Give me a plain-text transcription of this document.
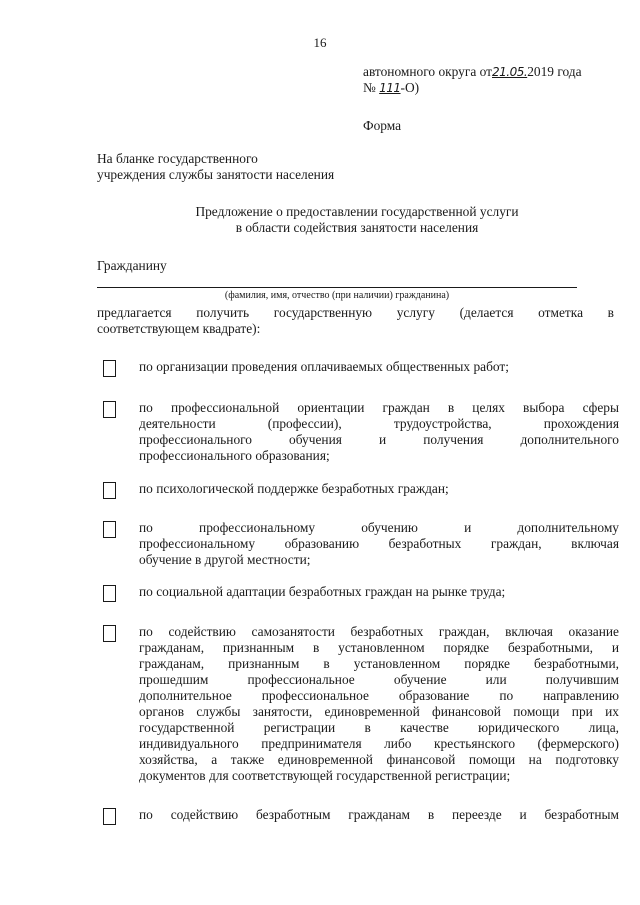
16
автономного округа от21.05.2019 года
№ 111-О)
Форма
На бланке государственного
учреждения службы занятости населения
Предложение о предоставлении государственной услуги
в области содействия занятости населения
Гражданину
(фамилия, имя, отчество (при наличии) гражданина)
предлагается получить государственную услугу (делается отметка в
соответствующем квадрате):
по организации проведения оплачиваемых общественных работ;
по профессиональной ориентации граждан в целях выбора сферы
деятельности (профессии), трудоустройства, прохождения
профессионального обучения и получения дополнительного
профессионального образования;
по психологической поддержке безработных граждан;
по профессиональному обучению и дополнительному
профессиональному образованию безработных граждан, включая
обучение в другой местности;
по социальной адаптации безработных граждан на рынке труда;
по содействию самозанятости безработных граждан, включая оказание
гражданам, признанным в установленном порядке безработными, и
гражданам, признанным в установленном порядке безработными,
прошедшим профессиональное обучение или получившим
дополнительное профессиональное образование по направлению
органов службы занятости, единовременной финансовой помощи при их
государственной регистрации в качестве юридического лица,
индивидуального предпринимателя либо крестьянского (фермерского)
хозяйства, а также единовременной финансовой помощи на подготовку
документов для соответствующей государственной регистрации;
по содействию безработным гражданам в переезде и безработным
